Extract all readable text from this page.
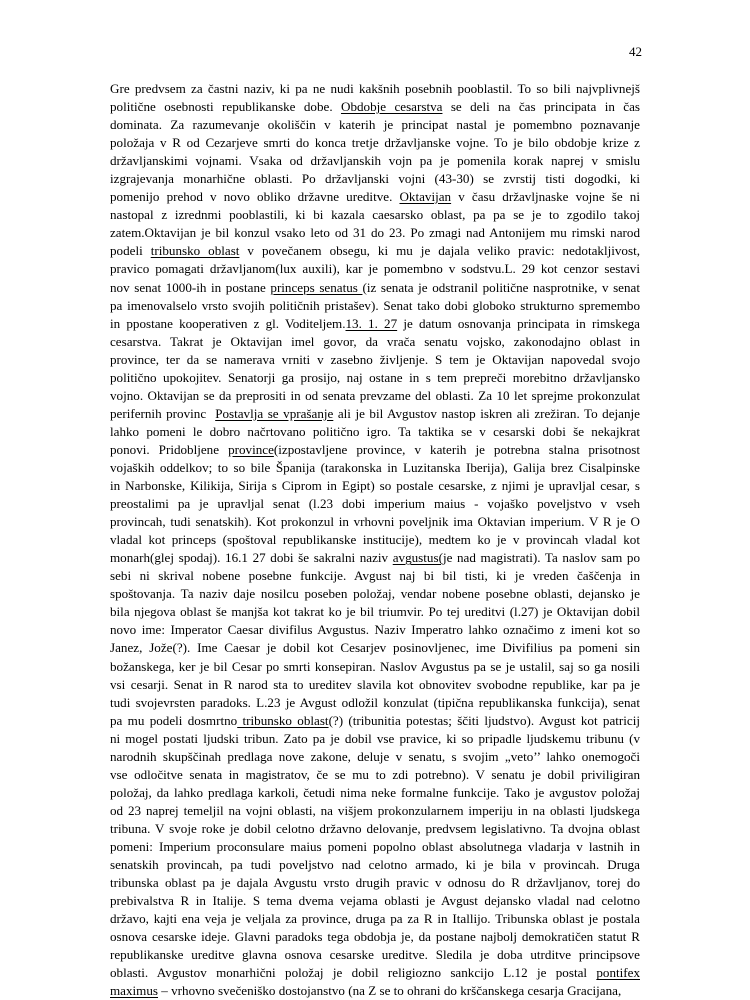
42
Gre predvsem za častni naziv, ki pa ne nudi kakšnih posebnih pooblastil. To so bili najvplivnejš
politične osebnosti republikanske dobe. Obdobje cesarstva se deli na čas principata in čas
dominata. Za razumevanje okoliščin v katerih je principat nastal je pomembno poznavanje
položaja v R od Cezarjeve smrti do konca tretje državljanske vojne. To je bilo obdobje krize z
državljanskimi vojnami. Vsaka od državljanskih vojn pa je pomenila korak naprej v smislu
izgrajevanja monarhične oblasti. Po državljanski vojni (43-30) se zvrstij tisti dogodki, ki
pomenijo prehod v novo obliko državne ureditve. Oktavijan v času državljnaske vojne še ni
nastopal z izrednmi pooblastili, ki bi kazala caesarsko oblast, pa pa se je to zgodilo takoj
zatem.Oktavijan je bil konzul vsako leto od 31 do 23. Po zmagi nad Antonijem mu rimski narod
podeli tribunsko oblast v povečanem obsegu, ki mu je dajala veliko pravic: nedotakljivost,
pravico pomagati državljanom(lux auxili), kar je pomembno v sodstvu.L. 29 kot cenzor sestavi
nov senat 1000-ih in postane princeps senatus (iz senata je odstranil politične nasprotnike, v senat
pa imenovalselo vrsto svojih političnih pristašev). Senat tako dobi globoko strukturno spremembo
in ppostane kooperativen z gl. Voditeljem.13. 1. 27 je datum osnovanja principata in rimskega
cesarstva. Takrat je Oktavijan imel govor, da vrača senatu vojsko, zakonodajno oblast in
province, ter da se namerava vrniti v zasebno življenje. S tem je Oktavijan napovedal svojo
politično upokojitev. Senatorji ga prosijo, naj ostane in s tem prepreči morebitno državljansko
vojno. Oktavijan se da preprositi in od senata prevzame del oblasti. Za 10 let sprejme prokonzulat
perifernih provinc  Postavlja se vprašanje ali je bil Avgustov nastop iskren ali zrežiran. To dejanje
lahko pomeni le dobro načrtovano politično igro. Ta taktika se v cesarski dobi še nekajkrat
ponovi. Pridobljene province(izpostavljene province, v katerih je potrebna stalna prisotnost
vojaških oddelkov; to so bile Španija (tarakonska in Luzitanska Iberija), Galija brez Cisalpinske
in Narbonske, Kilikija, Sirija s Ciprom in Egipt) so postale cesarske, z njimi je upravljal cesar, s
preostalimi pa je upravljal senat (l.23 dobi imperium maius - vojaško poveljstvo v vseh
provincah, tudi senatskih). Kot prokonzul in vrhovni poveljnik ima Oktavian imperium. V R je O
vladal kot princeps (spoštoval republikanske institucije), medtem ko je v provincah vladal kot
monarh(glej spodaj). 16.1 27 dobi še sakralni naziv avgustus(je nad magistrati). Ta naslov sam po
sebi ni skrival nobene posebne funkcije. Avgust naj bi bil tisti, ki je vreden čaščenja in
spoštovanja. Ta naziv daje nosilcu poseben položaj, vendar nobene posebne oblasti, dejansko je
bila njegova oblast še manjša kot takrat ko je bil triumvir. Po tej ureditvi (l.27) je Oktavijan dobil
novo ime: Imperator Caesar divifilus Avgustus. Naziv Imperatro lahko označimo z imeni kot so
Janez, Jože(?). Ime Caesar je dobil kot Cesarjev posinovljenec, ime Divifilius pa pomeni sin
božanskega, ker je bil Cesar po smrti konsepiran. Naslov Avgustus pa se je ustalil, saj so ga nosili
vsi cesarji. Senat in R narod sta to ureditev slavila kot obnovitev svobodne republike, kar pa je
tudi svojevrsten paradoks. L.23 je Avgust odložil konzulat (tipična republikanska funkcija), senat
pa mu podeli dosmrtno tribunsko oblast(?) (tribunitia potestas; ščiti ljudstvo). Avgust kot patricij
ni mogel postati ljudski tribun. Zato pa je dobil vse pravice, ki so pripadle ljudskemu tribunu (v
narodnih skupščinah predlaga nove zakone, deluje v senatu, s svojim „veto’’ lahko onemogoči
vse odločitve senata in magistratov, če se mu to zdi potrebno). V senatu je dobil priviligiran
položaj, da lahko predlaga karkoli, četudi nima neke formalne funkcije. Tako je avgustov položaj
od 23 naprej temeljil na vojni oblasti, na višjem prokonzularnem imperiju in na oblasti ljudskega
tribuna. V svoje roke je dobil celotno državno delovanje, predvsem legislativno. Ta dvojna oblast
pomeni: Imperium proconsulare maius pomeni popolno oblast absolutnega vladarja v lastnih in
senatskih provincah, pa tudi poveljstvo nad celotno armado, ki je bila v provincah. Druga
tribunska oblast pa je dajala Avgustu vrsto drugih pravic v odnosu do R državljanov, torej do
prebivalstva R in Italije. S tema dvema vejama oblasti je Avgust dejansko vladal nad celotno
državo, kajti ena veja je veljala za province, druga pa za R in Itallijo. Tribunska oblast je postala
osnova cesarske ideje. Glavni paradoks tega obdobja je, da postane najbolj demokratičen statut R
republikanske ureditve glavna osnova cesarske ureditve. Sledila je doba utrditve principsove
oblasti. Avgustov monarhični položaj je dobil religiozno sankcijo L.12 je postal pontifex
maximus – vrhovno svečeniško dostojanstvo (na Z se to ohrani do krščanskega cesarja Gracijana,
